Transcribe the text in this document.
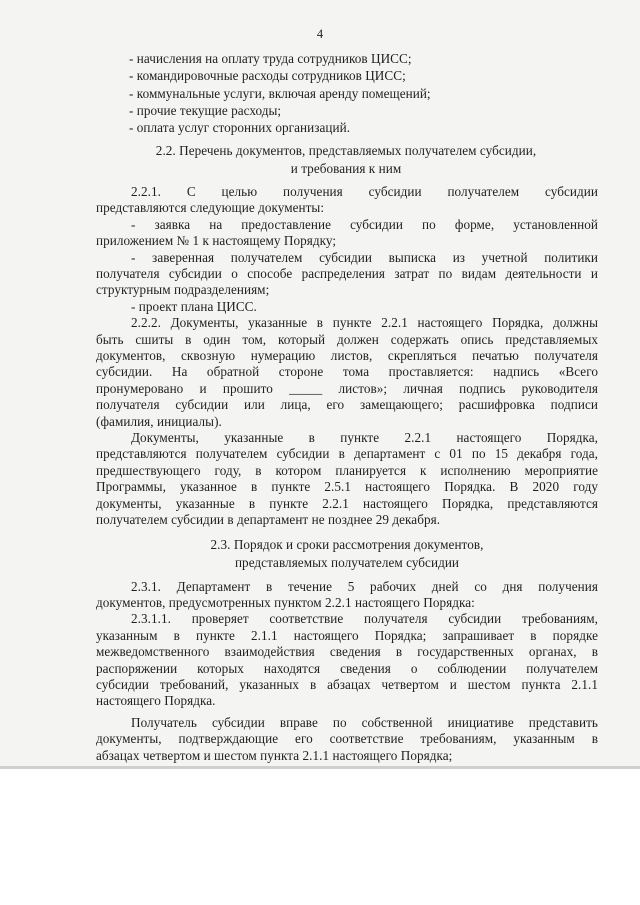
4
- начисления на оплату труда сотрудников ЦИСС;
- командировочные расходы сотрудников ЦИСС;
- коммунальные услуги, включая аренду помещений;
- прочие текущие расходы;
- оплата услуг сторонних организаций.
2.2. Перечень документов, представляемых получателем субсидии,
и требования к ним
2.2.1. С целью получения субсидии получателем субсидии
представляются следующие документы:
- заявка на предоставление субсидии по форме, установленной
приложением № 1 к настоящему Порядку;
- заверенная получателем субсидии выписка из учетной политики
получателя субсидии о способе распределения затрат по видам деятельности и
структурным подразделениям;
- проект плана ЦИСС.
2.2.2. Документы, указанные в пункте 2.2.1 настоящего Порядка, должны
быть сшиты в один том, который должен содержать опись представляемых
документов, сквозную нумерацию листов, скрепляться печатью получателя
субсидии. На обратной стороне тома проставляется: надпись «Всего
пронумеровано и прошито _____ листов»; личная подпись руководителя
получателя субсидии или лица, его замещающего; расшифровка подписи
(фамилия, инициалы).
Документы, указанные в пункте 2.2.1 настоящего Порядка,
представляются получателем субсидии в департамент с 01 по 15 декабря года,
предшествующего году, в котором планируется к исполнению мероприятие
Программы, указанное в пункте 2.5.1 настоящего Порядка. В 2020 году
документы, указанные в пункте 2.2.1 настоящего Порядка, представляются
получателем субсидии в департамент не позднее 29 декабря.
2.3. Порядок и сроки рассмотрения документов,
представляемых получателем субсидии
2.3.1. Департамент в течение 5 рабочих дней со дня получения
документов, предусмотренных пунктом 2.2.1 настоящего Порядка:
2.3.1.1. проверяет соответствие получателя субсидии требованиям,
указанным в пункте 2.1.1 настоящего Порядка; запрашивает в порядке
межведомственного взаимодействия сведения в государственных органах, в
распоряжении которых находятся сведения о соблюдении получателем
субсидии требований, указанных в абзацах четвертом и шестом пункта 2.1.1
настоящего Порядка.
Получатель субсидии вправе по собственной инициативе представить
документы, подтверждающие его соответствие требованиям, указанным в
абзацах четвертом и шестом пункта 2.1.1 настоящего Порядка;
